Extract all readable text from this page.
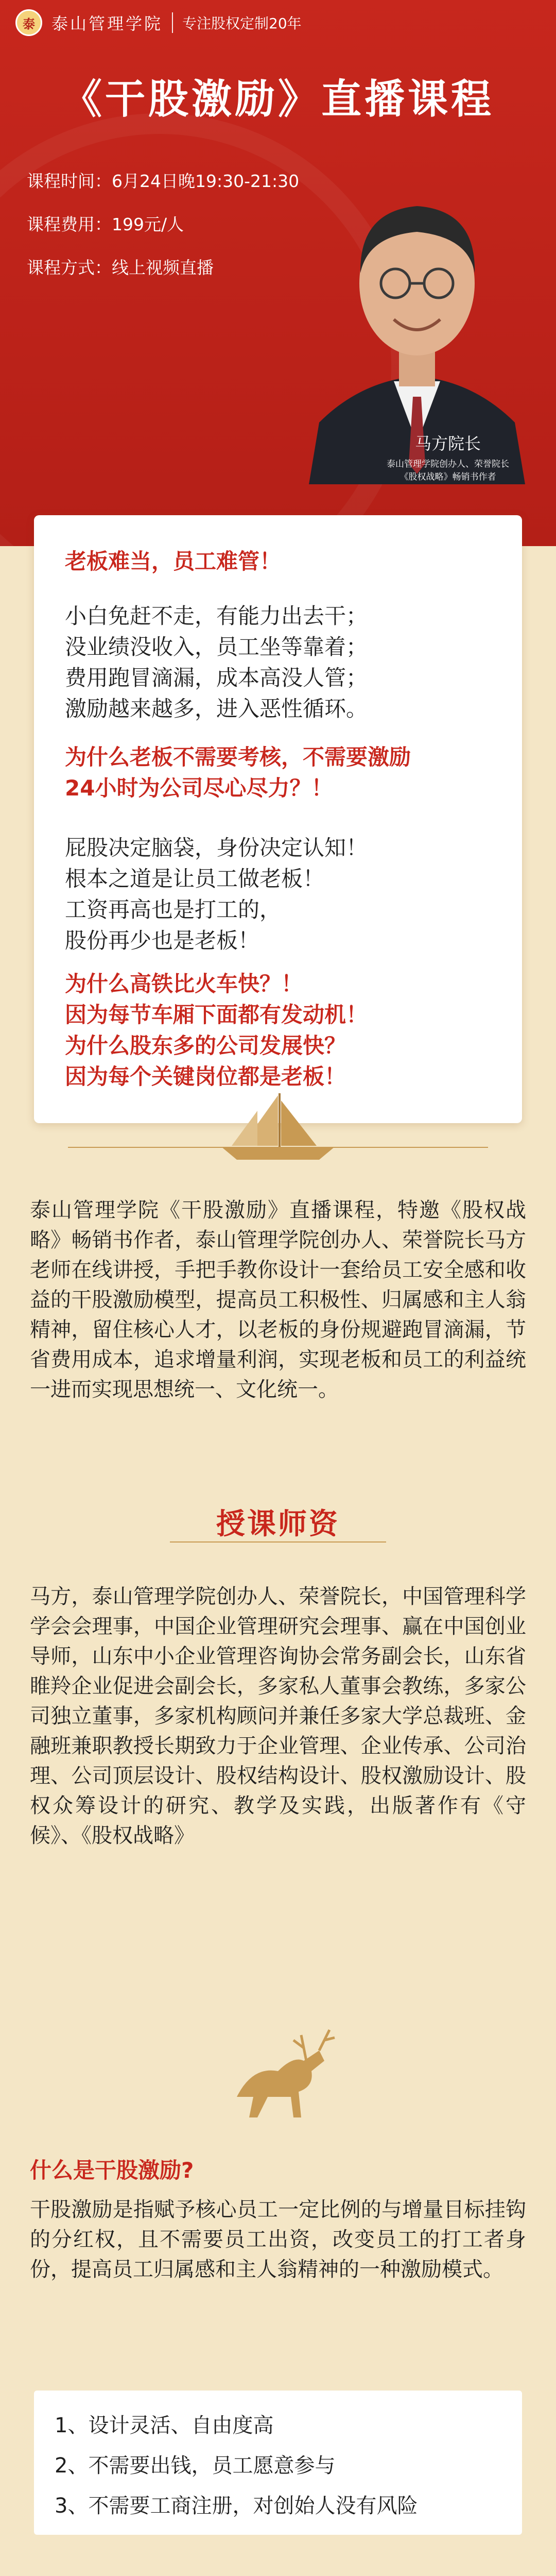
泰	泰山管理学院 专注股权定制20年
《干股激励》直播课程
课程时间：6月24日晚19:30-21:30
课程费用：199元/人
课程方式：线上视频直播
马方院长
泰山管理学院创办人、荣誉院长
《股权战略》畅销书作者
老板难当，员工难管！
小白免赶不走，有能力出去干；
没业绩没收入，员工坐等靠着；
费用跑冒滴漏，成本高没人管；
激励越来越多，进入恶性循环。
为什么老板不需要考核，不需要激励
24小时为公司尽心尽力？！
屁股决定脑袋，身份决定认知！
根本之道是让员工做老板！
工资再高也是打工的，
股份再少也是老板！
为什么高铁比火车快？！
因为每节车厢下面都有发动机！
为什么股东多的公司发展快？
因为每个关键岗位都是老板！
泰山管理学院《干股激励》直播课程，特邀《股权战略》畅销书作者，泰山管理学院创办人、荣誉院长马方老师在线讲授，手把手教你设计一套给员工安全感和收益的干股激励模型，提高员工积极性、归属感和主人翁精神，留住核心人才，以老板的身份规避跑冒滴漏，节省费用成本，追求增量利润，实现老板和员工的利益统一进而实现思想统一、文化统一。
授课师资
马方，泰山管理学院创办人、荣誉院长，中国管理科学学会会理事，中国企业管理研究会理事、赢在中国创业导师，山东中小企业管理咨询协会常务副会长，山东省睢羚企业促进会副会长，多家私人董事会教练，多家公司独立董事，多家机构顾问并兼任多家大学总裁班、金融班兼职教授长期致力于企业管理、企业传承、公司治理、公司顶层设计、股权结构设计、股权激励设计、股权众筹设计的研究、教学及实践，出版著作有《守候》、《股权战略》
什么是干股激励?
干股激励是指赋予核心员工一定比例的与增量目标挂钩的分红权，且不需要员工出资，改变员工的打工者身份，提高员工归属感和主人翁精神的一种激励模式。
1、设计灵活、自由度高
2、不需要出钱，员工愿意参与
3、不需要工商注册，对创始人没有风险
